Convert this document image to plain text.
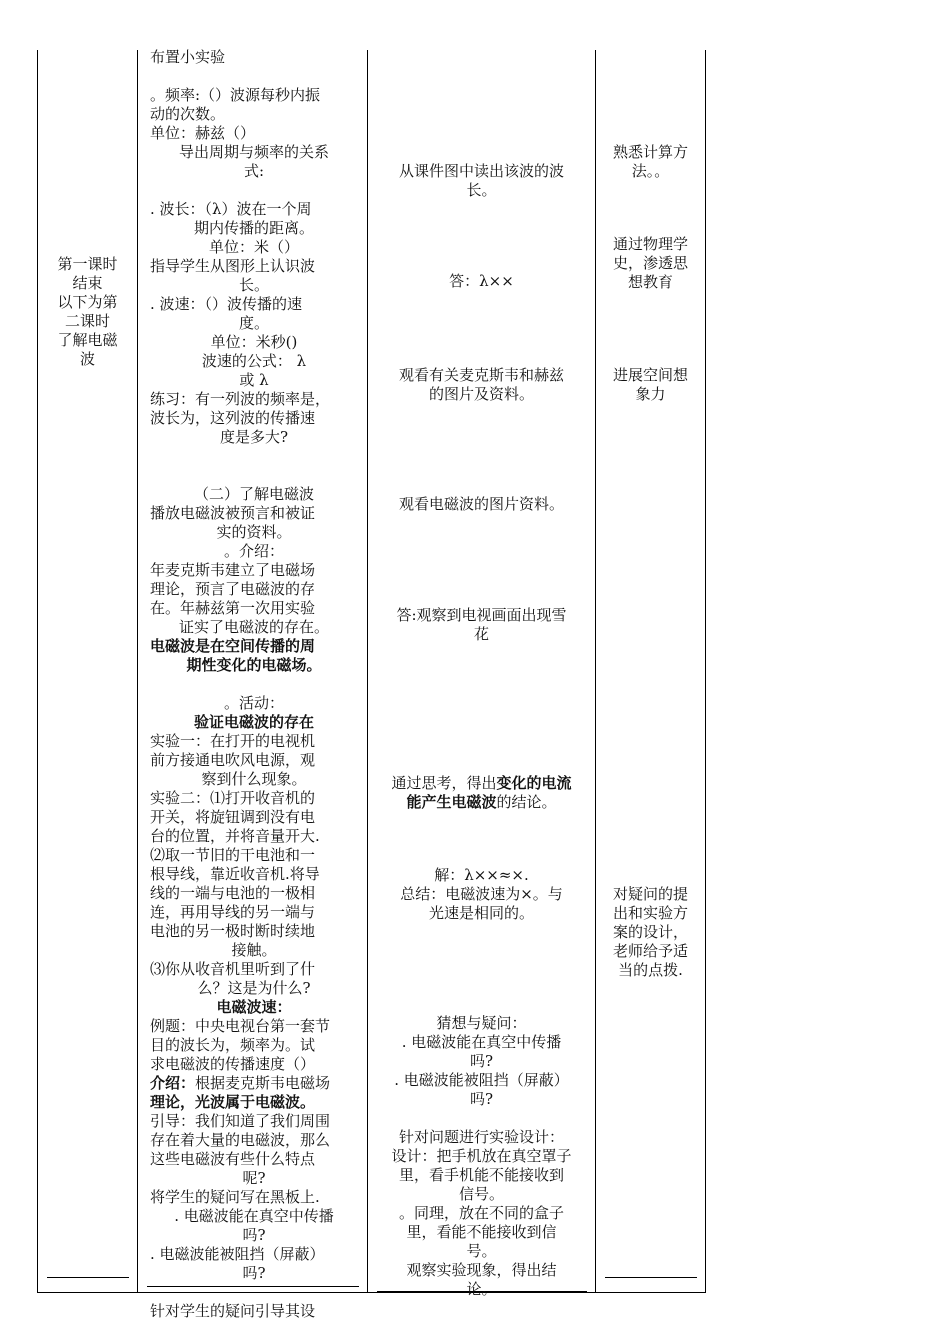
第一课时

结束

以下为第

二课时

了解电磁

波

布置小实验

。频率:（）波源每秒内振

动的次数。

单位：赫兹（）

导出周期与频率的关系

式:

. 波长：（λ）波在一个周

期内传播的距离。

单位：米（）

指导学生从图形上认识波

长。

. 波速：（）波传播的速

度。

单位：米秒()

波速的公式： λ

或 λ

练习：有一列波的频率是，

波长为，这列波的传播速

度是多大?

（二）了解电磁波

播放电磁波被预言和被证

实的资料。

。介绍：

年麦克斯韦建立了电磁场

理论，预言了电磁波的存

在。年赫兹第一次用实验

证实了电磁波的存在。

电磁波是在空间传播的周

期性变化的电磁场。

。活动：

验证电磁波的存在

实验一：在打开的电视机

前方接通电吹风电源，观

察到什么现象。

实验二：⑴打开收音机的

开关，将旋钮调到没有电

台的位置，并将音量开大.

⑵取一节旧的干电池和一

根导线，靠近收音机.将导

线的一端与电池的一极相

连，再用导线的另一端与

电池的另一极时断时续地

接触。

⑶你从收音机里听到了什

么？这是为什么?

电磁波速：

例题：中央电视台第一套节

目的波长为，频率为。试

求电磁波的传播速度（）

介绍：根据麦克斯韦电磁场

理论，光波属于电磁波。

引导：我们知道了我们周围

存在着大量的电磁波，那么

这些电磁波有些什么特点

呢?

将学生的疑问写在黑板上.

. 电磁波能在真空中传播

吗?

. 电磁波能被阻挡（屏蔽）

吗?

针对学生的疑问引导其设

从课件图中读出该波的波

长。

答：λ××

观看有关麦克斯韦和赫兹

的图片及资料。

观看电磁波的图片资料。

答:观察到电视画面出现雪

花

通过思考，得出变化的电流

能产生电磁波的结论。

解：λ××≈×.

总结：电磁波速为×。与

光速是相同的。

猜想与疑问：

. 电磁波能在真空中传播

吗?

. 电磁波能被阻挡（屏蔽）

吗?

针对问题进行实验设计：

设计：把手机放在真空罩子

里，看手机能不能接收到

信号。

。同理，放在不同的盒子

里，看能不能接收到信

号。

观察实验现象，得出结

论。

熟悉计算方

法。。

通过物理学

史，渗透思

想教育

进展空间想

象力

对疑问的提

出和实验方

案的设计，

老师给予适

当的点拨.
